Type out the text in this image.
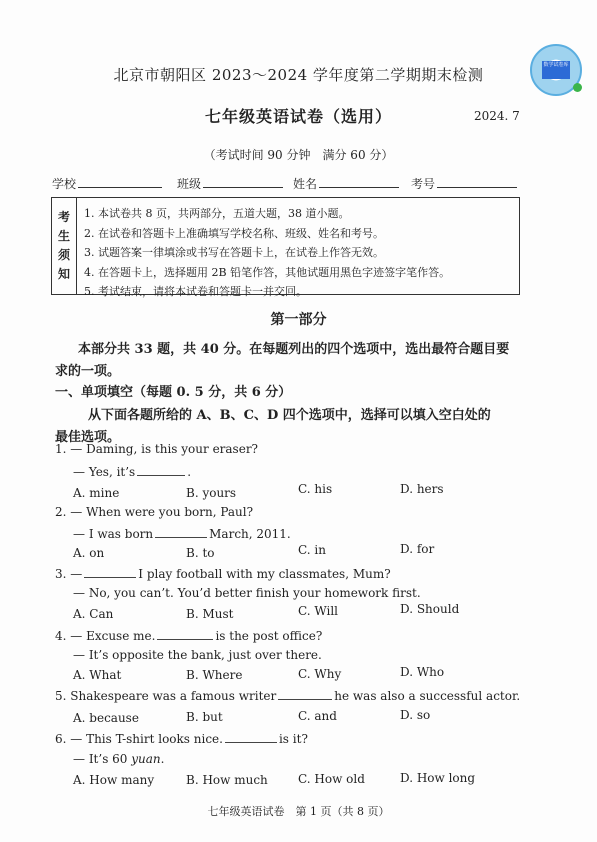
数学试卷库
北京市朝阳区 2023～2024 学年度第二学期期末检测
七年级英语试卷（选用）	2024. 7
（考试时间 90 分钟　满分 60 分）
学校	班级	姓名	考号
考
生
须
知
1. 本试卷共 8 页，共两部分，五道大题，38 道小题。
2. 在试卷和答题卡上准确填写学校名称、班级、姓名和考号。
3. 试题答案一律填涂或书写在答题卡上，在试卷上作答无效。
4. 在答题卡上，选择题用 2B 铅笔作答，其他试题用黑色字迹签字笔作答。
5. 考试结束，请将本试卷和答题卡一并交回。
第一部分
本部分共 33 题，共 40 分。在每题列出的四个选项中，选出最符合题目要
求的一项。
一、单项填空（每题 0. 5 分，共 6 分）
从下面各题所给的 A、B、C、D 四个选项中，选择可以填入空白处的
最佳选项。
1. — Daming, is this your eraser?
— Yes, it’s	.
A. mine	B. yours	C. his	D. hers
2. — When were you born, Paul?
— I was born	March, 2011.
A. on	B. to	C. in	D. for
3. —	I play football with my classmates, Mum?
— No, you can’t. You’d better finish your homework first.
A. Can	B. Must	C. Will	D. Should
4. — Excuse me.	is the post office?
— It’s opposite the bank, just over there.
A. What	B. Where	C. Why	D. Who
5. Shakespeare was a famous writer	he was also a successful actor.
A. because	B. but	C. and	D. so
6. — This T-shirt looks nice.	is it?
— It’s 60 yuan.
A. How many	B. How much	C. How old	D. How long
七年级英语试卷　第 1 页（共 8 页）
